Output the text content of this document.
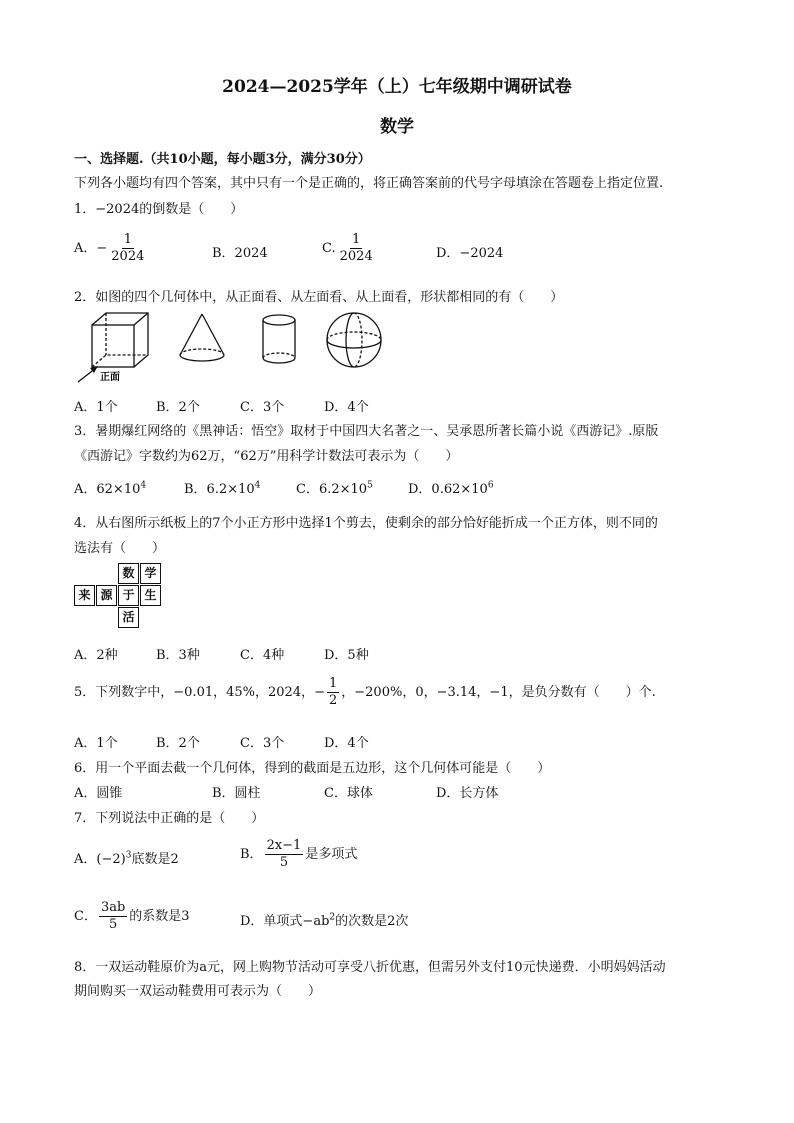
2024—2025学年（上）七年级期中调研试卷
数学
一、选择题.（共10小题，每小题3分，满分30分）
下列各小题均有四个答案，其中只有一个是正确的，将正确答案前的代号字母填涂在答题卷上指定位置.
1．−2024的倒数是（　　）
A．− $\frac{1}{2024}$	B．2024	C. $\frac{1}{2024}$	D．−2024
2．如图的四个几何体中，从正面看、从左面看、从上面看，形状都相同的有（　　）
正面
A．1个	B．2个	C．3个	D．4个
3．暑期爆红网络的《黑神话：悟空》取材于中国四大名著之一、吴承恩所著长篇小说《西游记》.原版
《西游记》字数约为62万，“62万”用科学计数法可表示为（　　）
A．$62\times 10^4$	B．$6.2\times 10^4$	C．$6.2\times 10^5$	D．$0.62\times 10^6$
4．从右图所示纸板上的7个小正方形中选择1个剪去，使剩余的部分恰好能折成一个正方体，则不同的
选法有（　　）
数 学
来 源 于 生
活
A．2种	B．3种	C．4种	D．5种
5．下列数字中，−0.01，45%，2024，− $\frac{1}{2}$ ，−200%，0，−3.14，−1，是负分数有（　　）个.
A．1个	B．2个	C．3个	D．4个
6．用一个平面去截一个几何体，得到的截面是五边形，这个几何体可能是（　　）
A．圆锥	B．圆柱	C．球体	D．长方体
7．下列说法中正确的是（　　）
A．$(-2)^3$底数是2	B． $\frac{2x-1}{5}$ 是多项式
C． $\frac{3ab}{5}$ 的系数是3	D．单项式$-ab^2$的次数是2次
8．一双运动鞋原价为a元，网上购物节活动可享受八折优惠，但需另外支付10元快递费．小明妈妈活动
期间购买一双运动鞋费用可表示为（　　）
